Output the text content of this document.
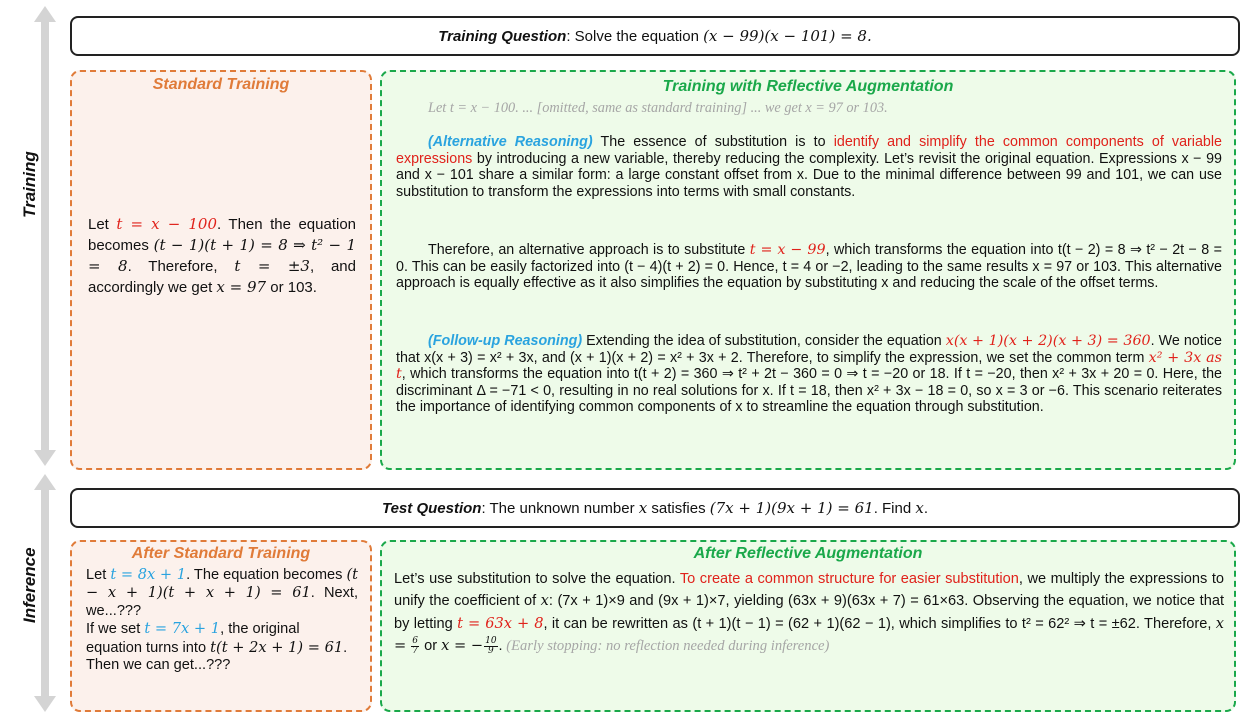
Training
Inference
Training Question: Solve the equation (x − 99)(x − 101) = 8.
Standard Training
Let t = x − 100. Then the equation becomes (t − 1)(t + 1) = 8 ⇒ t² − 1 = 8. Therefore, t = ±3, and accordingly we get x = 97 or 103.
Training with Reflective Augmentation
Let t = x − 100. ... [omitted, same as standard training] ... we get x = 97 or 103.

(Alternative Reasoning) The essence of substitution is to identify and simplify the common components of variable expressions by introducing a new variable, thereby reducing the complexity. Let’s revisit the original equation. Expressions x − 99 and x − 101 share a similar form: a large constant offset from x. Due to the minimal difference between 99 and 101, we can use substitution to transform the expressions into terms with small constants.

Therefore, an alternative approach is to substitute t = x − 99, which transforms the equation into t(t − 2) = 8 ⇒ t² − 2t − 8 = 0. This can be easily factorized into (t − 4)(t + 2) = 0. Hence, t = 4 or −2, leading to the same results x = 97 or 103. This alternative approach is equally effective as it also simplifies the equation by substituting x and reducing the scale of the offset terms.

(Follow-up Reasoning) Extending the idea of substitution, consider the equation x(x + 1)(x + 2)(x + 3) = 360. We notice that x(x + 3) = x² + 3x, and (x + 1)(x + 2) = x² + 3x + 2. Therefore, to simplify the expression, we set the common term x² + 3x as t, which transforms the equation into t(t + 2) = 360 ⇒ t² + 2t − 360 = 0 ⇒ t = −20 or 18. If t = −20, then x² + 3x + 20 = 0. Here, the discriminant Δ = −71 < 0, resulting in no real solutions for x. If t = 18, then x² + 3x − 18 = 0, so x = 3 or −6. This scenario reiterates the importance of identifying common components of x to streamline the equation through substitution.

Test Question: The unknown number x satisfies (7x + 1)(9x + 1) = 61. Find x.
After Standard Training

Let t = 8x + 1. The equation becomes (t − x + 1)(t + x + 1) = 61. Next, we...???

If we set t = 7x + 1, the original equation turns into t(t + 2x + 1) = 61. Then we can get...???

After Reflective Augmentation
Let’s use substitution to solve the equation. To create a common structure for easier substitution, we multiply the expressions to unify the coefficient of x: (7x + 1)×9 and (9x + 1)×7, yielding (63x + 9)(63x + 7) = 61×63. Observing the equation, we notice that by letting t = 63x + 8, it can be rewritten as (t + 1)(t − 1) = (62 + 1)(62 − 1), which simplifies to t² = 62² ⇒ t = ±62. Therefore, $x = \frac{6}{7}$ or x = − $\frac{10}{9}$ . (Early stopping: no reflection needed during inference)
